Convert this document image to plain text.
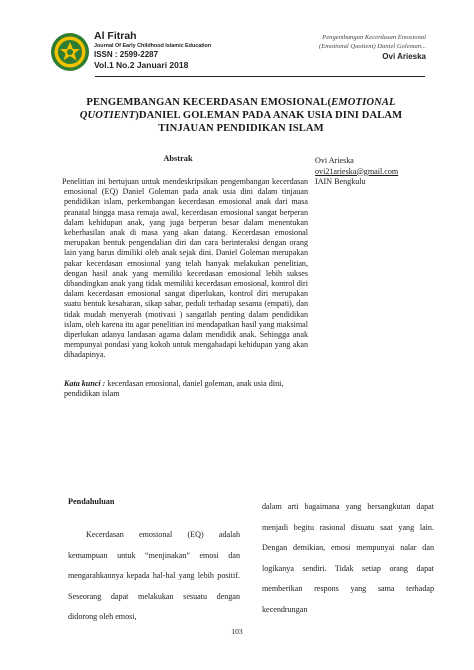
Al Fitrah
Journal Of Early Childhood Islamic Education
ISSN : 2599-2287
Vol.1 No.2 Januari 2018
Pengembangan Kecerdasan Emosional
(Emotional Quotient) Daniel Goleman...
Ovi Arieska
PENGEMBANGAN KECERDASAN EMOSIONAL(EMOTIONAL QUOTIENT)DANIEL GOLEMAN PADA ANAK USIA DINI DALAM TINJAUAN PENDIDIKAN ISLAM
Abstrak

Penelitian ini bertujuan untuk mendeskripsikan pengembangan kecerdasan emosional (EQ) Daniel Goleman pada anak usia dini dalam tinjauan pendidikan islam, perkembangan kecerdasan emosional anak dari masa pranatal hingga masa remaja awal, kecerdasan emosional sangat berperan dalam kehidupan anak, yang juga berperan besar dalam menentukan keberhasilan anak di masa yang akan datang. Kecerdasan emosional merupakan bentuk pengendalian diri dan cara berinteraksi dengan orang lain yang harus dimiliki oleh anak sejak dini. Daniel Goleman merupakan pakar kecerdasan emosional yang telah banyak melakukan penelitian, dengan hasil anak yang memiliki kecerdasan emosional lebih sukses dibandingkan anak yang tidak memiliki kecerdasan emosional, kontrol diri dalam kecerdasan emosional sangat diperlukan, kontrol diri merupakan suatu bentuk kesabaran, sikap sabar, peduli terhadap sesama (empati), dan tidak mudah menyerah (motivasi ) sangatlah penting dalam pendidikan islam, oleh karena itu agar penelitian ini mendapatkan hasil yang maksimal diperlukan adanya landasan agama dalam mendidik anak. Sehingga anak mempunyai pondasi yang kokoh untuk mengahadapi kehidupan yang akan dihadapinya.

Kata kunci : kecerdasan emosional, daniel goleman, anak usia dini, pendidikan islam

Ovi Arieska
ovi21arieska@gmail.com
IAIN Bengkulu
Pendahuluan

Kecerdasan emosional (EQ) adalah kemampuan untuk “menjinakan” emosi dan mengarahkannya kepada hal-hal yang lebih positif. Seseorang dapat melakukan sesuatu dengan didorong oleh emosi,

dalam arti bagaimana yang bersangkutan dapat menjadi begitu rasional disuatu saat yang lain. Dengan demikian, emosi mempunyai nalar dan logikanya sendiri. Tidak setiap orang dapat memberikan respons yang sama terhadap kecendrungan

103
